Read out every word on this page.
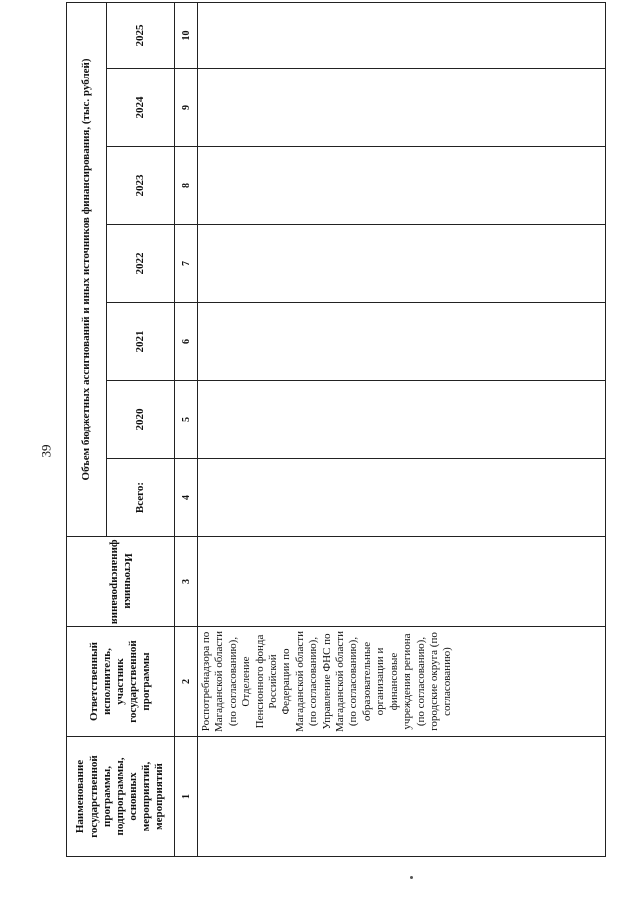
39
Наименование государственной программы, подпрограммы, основных мероприятий, мероприятий	Ответственный исполнитель, участник государственной программы	Источники финансирования	Объем бюджетных ассигнований и иных источников финансирования, (тыс. рублей)						
			Всего:	2020	2021	2022	2023	2024	2025
1	2	3	4	5	6	7	8	9	10
	Роспотребнадзора по Магаданской области (по согласованию), Отделение Пенсионного фонда Российской Федерации по Магаданской области (по согласованию), Управление ФНС по Магаданской области (по согласованию), образовательные организации и финансовые учреждения региона (по согласованию), городские округа (по согласованию)								
